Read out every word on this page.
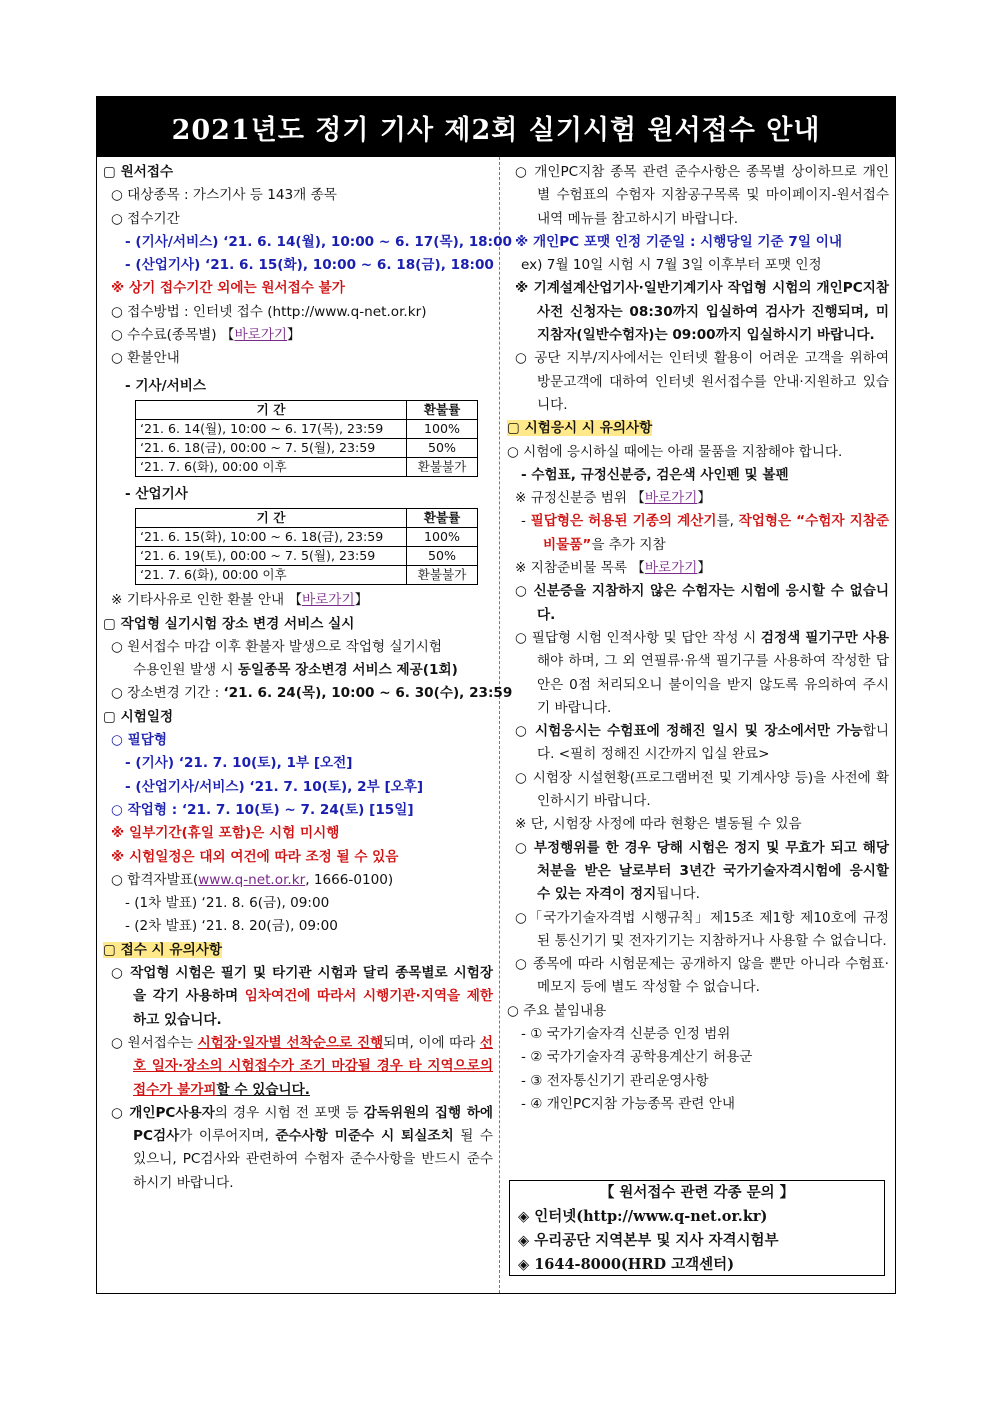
2021년도 정기 기사 제2회 실기시험 원서접수 안내
▢ 원서접수
○ 대상종목 : 가스기사 등 143개 종목
○ 접수기간
- (기사/서비스) ‘21. 6. 14(월), 10:00 ~ 6. 17(목), 18:00
- (산업기사) ‘21. 6. 15(화), 10:00 ~ 6. 18(금), 18:00
※ 상기 접수기간 외에는 원서접수 불가
○ 접수방법 : 인터넷 접수 (http://www.q-net.or.kr)
○ 수수료(종목별) 【바로가기】
○ 환불안내
- 기사/서비스
기 간	환불률
‘21. 6. 14(월), 10:00 ~ 6. 17(목), 23:59	100%
‘21. 6. 18(금), 00:00 ~ 7. 5(월), 23:59	50%
‘21. 7. 6(화), 00:00 이후	환불불가
- 산업기사
기 간	환불률
‘21. 6. 15(화), 10:00 ~ 6. 18(금), 23:59	100%
‘21. 6. 19(토), 00:00 ~ 7. 5(월), 23:59	50%
‘21. 7. 6(화), 00:00 이후	환불불가
※ 기타사유로 인한 환불 안내 【바로가기】
▢ 작업형 실기시험 장소 변경 서비스 실시
○ 원서접수 마감 이후 환불자 발생으로 작업형 실기시험
수용인원 발생 시 동일종목 장소변경 서비스 제공(1회)
○ 장소변경 기간 : ‘21. 6. 24(목), 10:00 ~ 6. 30(수), 23:59
▢ 시험일정
○ 필답형
- (기사) ‘21. 7. 10(토), 1부 [오전]
- (산업기사/서비스) ‘21. 7. 10(토), 2부 [오후]
○ 작업형 : ‘21. 7. 10(토) ~ 7. 24(토) [15일]
※ 일부기간(휴일 포함)은 시험 미시행
※ 시험일정은 대외 여건에 따라 조정 될 수 있음
○ 합격자발표(www.q-net.or.kr, 1666-0100)
- (1차 발표) ‘21. 8. 6(금), 09:00
- (2차 발표) ‘21. 8. 20(금), 09:00
▢ 접수 시 유의사항
○ 작업형 시험은 필기 및 타기관 시험과 달리 종목별로 시험장을 각기 사용하며 임차여건에 따라서 시행기관·지역을 제한하고 있습니다.
○ 원서접수는 시험장·일자별 선착순으로 진행되며, 이에 따라 선호 일자·장소의 시험접수가 조기 마감될 경우 타 지역으로의 접수가 불가피할 수 있습니다.
○ 개인PC사용자의 경우 시험 전 포맷 등 감독위원의 집행 하에 PC검사가 이루어지며, 준수사항 미준수 시 퇴실조치 될 수 있으니, PC검사와 관련하여 수험자 준수사항을 반드시 준수하시기 바랍니다.
○ 개인PC지참 종목 관련 준수사항은 종목별 상이하므로 개인별 수험표의 수험자 지참공구목록 및 마이페이지-원서접수내역 메뉴를 참고하시기 바랍니다.
※ 개인PC 포맷 인정 기준일 : 시행당일 기준 7일 이내
ex) 7월 10일 시험 시 7월 3일 이후부터 포맷 인정
※ 기계설계산업기사·일반기계기사 작업형 시험의 개인PC지참 사전 신청자는 08:30까지 입실하여 검사가 진행되며, 미지참자(일반수험자)는 09:00까지 입실하시기 바랍니다.
○ 공단 지부/지사에서는 인터넷 활용이 어려운 고객을 위하여 방문고객에 대하여 인터넷 원서접수를 안내·지원하고 있습니다.
▢ 시험응시 시 유의사항
○ 시험에 응시하실 때에는 아래 물품을 지참해야 합니다.
- 수험표, 규정신분증, 검은색 사인펜 및 볼펜
※ 규정신분증 범위 【바로가기】
- 필답형은 허용된 기종의 계산기를, 작업형은 “수험자 지참준비물품”을 추가 지참
※ 지참준비물 목록 【바로가기】
○ 신분증을 지참하지 않은 수험자는 시험에 응시할 수 없습니다.
○ 필답형 시험 인적사항 및 답안 작성 시 검정색 필기구만 사용해야 하며, 그 외 연필류·유색 필기구를 사용하여 작성한 답안은 0점 처리되오니 불이익을 받지 않도록 유의하여 주시기 바랍니다.
○ 시험응시는 수험표에 정해진 일시 및 장소에서만 가능합니다. <필히 정해진 시간까지 입실 완료>
○ 시험장 시설현황(프로그램버전 및 기계사양 등)을 사전에 확인하시기 바랍니다.
※ 단, 시험장 사정에 따라 현황은 별동될 수 있음
○ 부정행위를 한 경우 당해 시험은 정지 및 무효가 되고 해당 처분을 받은 날로부터 3년간 국가기술자격시험에 응시할 수 있는 자격이 정지됩니다.
○「국가기술자격법 시행규칙」제15조 제1항 제10호에 규정된 통신기기 및 전자기기는 지참하거나 사용할 수 없습니다.
○ 종목에 따라 시험문제는 공개하지 않을 뿐만 아니라 수험표·메모지 등에 별도 작성할 수 없습니다.
○ 주요 붙임내용
- ① 국가기술자격 신분증 인정 범위
- ② 국가기술자격 공학용계산기 허용군
- ③ 전자통신기기 관리운영사항
- ④ 개인PC지참 가능종목 관련 안내
【 원서접수 관련 각종 문의 】
◈ 인터넷(http://www.q-net.or.kr)
◈ 우리공단 지역본부 및 지사 자격시험부
◈ 1644-8000(HRD 고객센터)
